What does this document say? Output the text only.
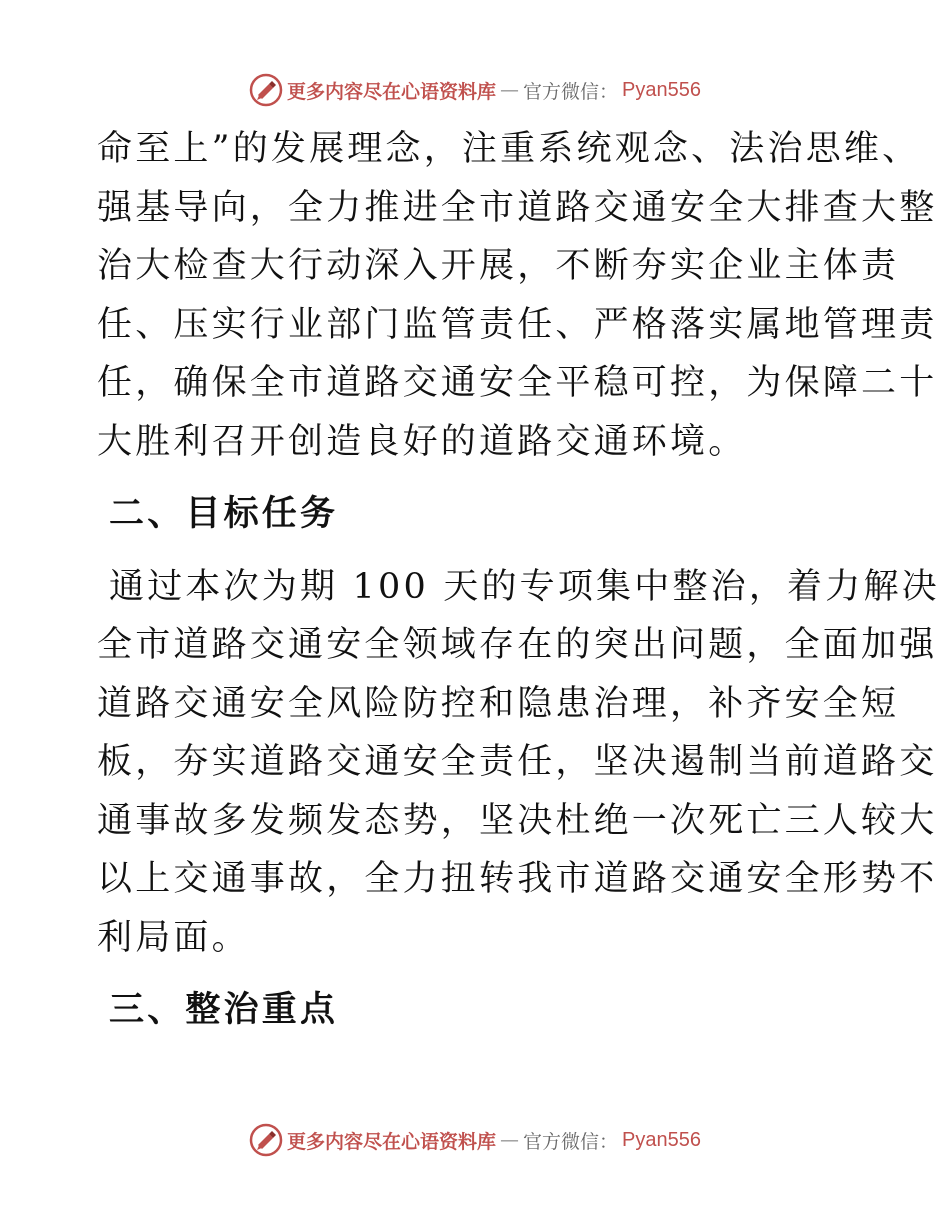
更多内容尽在心语资料库 — 官方微信： Pyan556

命至上”的发展理念，注重系统观念、法治思维、
强基导向，全力推进全市道路交通安全大排查大整
治大检查大行动深入开展，不断夯实企业主体责
任、压实行业部门监管责任、严格落实属地管理责
任，确保全市道路交通安全平稳可控，为保障二十
大胜利召开创造良好的道路交通环境。

二、目标任务

通过本次为期 100 天的专项集中整治，着力解决
全市道路交通安全领域存在的突出问题，全面加强
道路交通安全风险防控和隐患治理，补齐安全短
板，夯实道路交通安全责任，坚决遏制当前道路交
通事故多发频发态势，坚决杜绝一次死亡三人较大
以上交通事故，全力扭转我市道路交通安全形势不
利局面。

三、整治重点
更多内容尽在心语资料库 — 官方微信： Pyan556
